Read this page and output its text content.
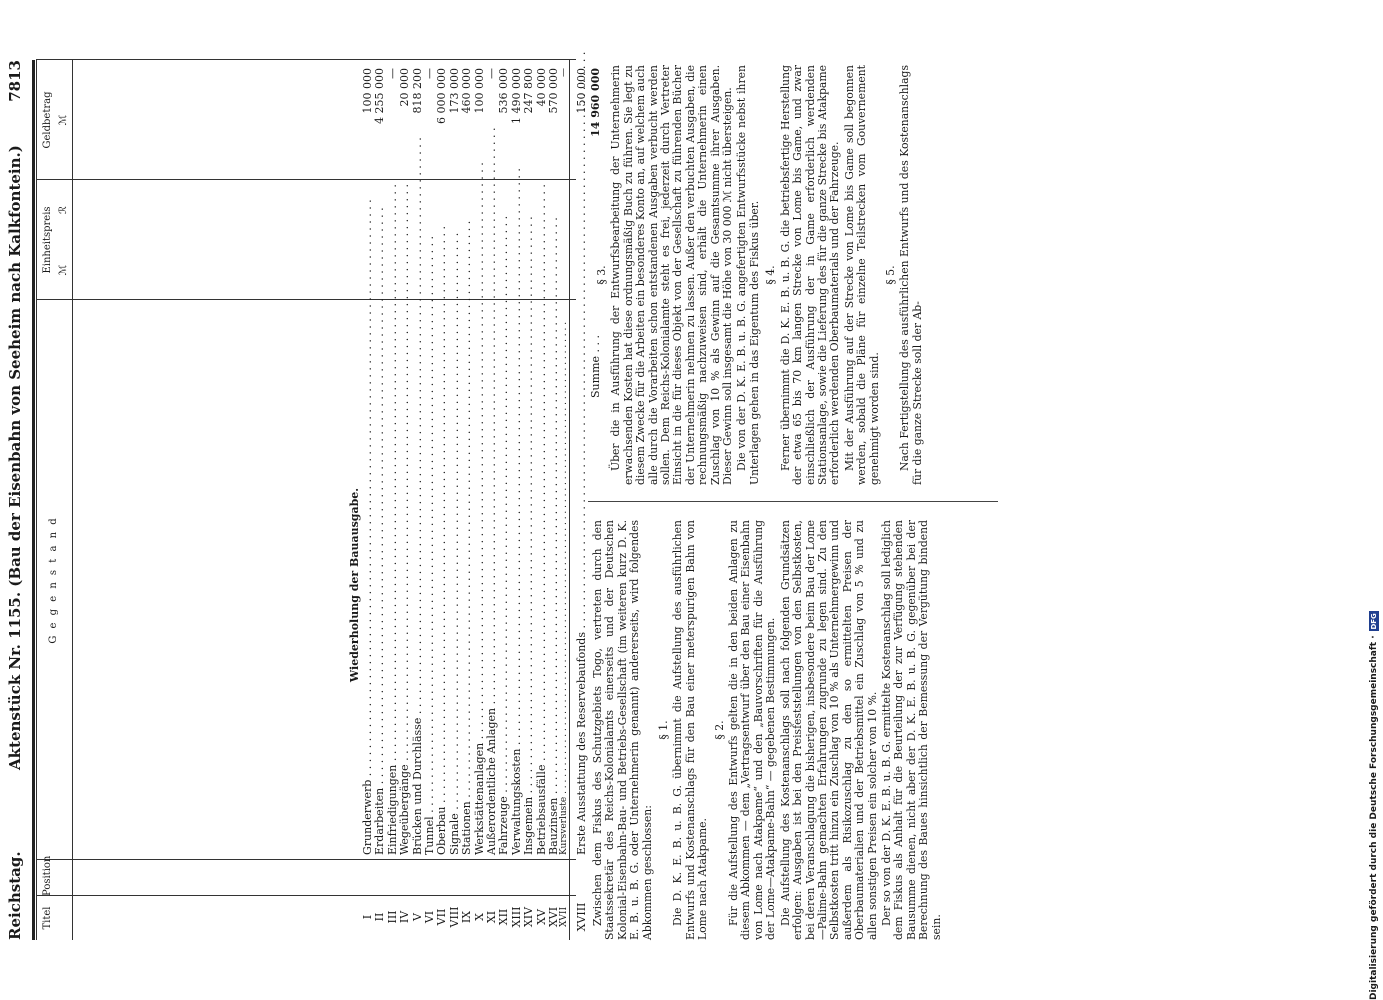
Reichstag.
Aktenstück Nr. 1155. (Bau der Eisenbahn von Seeheim nach Kalkfontein.)
7813
Titel
Position
G e g e n s t a n d
Einheitspreis ℳ
ℛ
Geldbetrag ℳ
Wiederholung der Bauausgabe.
I
Grunderwerb . . .
100 000
II
Erdarbeiten . . .
4 255 000
III
Einfriedigungen . . .
—
IV
Wegeübergänge . . .
20 000
V
Brücken und Durchlässe . . .
818 200
VI
Tunnel . . .
—
VII
Oberbau . . .
6 000 000
VIII
Signale . . .
173 000
IX
Stationen . . .
460 000
X
Werkstättenanlagen . . .
100 000
XI
Außerordentliche Anlagen . . .
—
XII
Fahrzeuge . . .
536 000
XIII
Verwaltungskosten . . .
1 490 000
XIV
Insgemein . . .
247 800
XV
Betriebsausfälle . . .
40 000
XVI
Bauzinsen . . .
570 000
XVII
Kursverluste . . .
—
XVIII
Erste Ausstattung des Reservebaufonds . . .
150 000
Summe . . .
14 960 000

Zwischen dem Fiskus des Schutzgebiets Togo, vertreten durch den Staatssekretär des Reichs-Kolonialamts einerseits und der Deutschen Kolonial-Eisenbahn-Bau- und Betriebs-Gesellschaft (im weiteren kurz D. K. E. B. u. B. G. oder Unternehmerin genannt) andererseits, wird folgendes Abkommen geschlossen:

§ 1. Die D. K. E. B. u. B. G. übernimmt die Aufstellung des ausführlichen Entwurfs und Kostenanschlags für den Bau einer meterspurigen Bahn von Lome nach Atakpame.

§ 2. Für die Aufstellung des Entwurfs gelten die in den beiden Anlagen zu diesem Abkommen — dem „Vertragsentwurf über den Bau einer Eisenbahn von Lome nach Atakpame“ und den „Bauvorschriften für die Ausführung der Lome—Atakpame-Bahn“ — gegebenen Bestimmungen. Die Aufstellung des Kostenanschlags soll nach folgenden Grundsätzen erfolgen: Ausgaben ist bei den Preisfeststellungen von den Selbstkosten, bei deren Veranschlagung die bisherigen, insbesondere beim Bau der Lome—Palime-Bahn gemachten Erfahrungen zugrunde zu legen sind. Zu den Selbstkosten tritt hinzu ein Zuschlag von 10 % als Unternehmergewinn und außerdem als Risikozuschlag zu den so ermittelten Preisen der Oberbaumaterialien und der Betriebsmittel ein Zuschlag von 5 % und zu allen sonstigen Preisen ein solcher von 10 %. Der so von der D. K. E. B. u. B. G. ermittelte Kostenanschlag soll lediglich dem Fiskus als Anhalt für die Beurteilung der zur Verfügung stehenden Bausumme dienen, nicht aber der D. K. E. B. u. B. G. gegenüber bei der Berechnung des Baues hinsichtlich der Bemessung der Vergütung bindend sein.

§ 3. Über die in Ausführung der Entwurfsbearbeitung der Unternehmerin erwachsenden Kosten hat diese ordnungsmäßig Buch zu führen. Sie legt zu diesem Zwecke für die Arbeiten ein besonderes Konto an, auf welchem auch alle durch die Vorarbeiten schon entstandenen Ausgaben verbucht werden sollen. Dem Reichs-Kolonialamte steht es frei, jederzeit durch Vertreter Einsicht in die für dieses Objekt von der Gesellschaft zu führenden Bücher der Unternehmerin nehmen zu lassen. Außer den verbuchten Ausgaben, die rechnungsmäßig nachzuweisen sind, erhält die Unternehmerin einen Zuschlag von 10 % als Gewinn auf die Gesamtsumme ihrer Ausgaben. Dieser Gewinn soll insgesamt die Höhe von 30 000 ℳ nicht übersteigen. Die von der D. K. E. B. u. B. G. angefertigten Entwurfsstücke nebst ihren Unterlagen gehen in das Eigentum des Fiskus über. § 4. Ferner übernimmt die D. K. E. B. u. B. G. die betriebsfertige Herstellung der etwa 65 bis 70 km langen Strecke von Lome bis Game, und zwar einschließlich der Ausführung der in Game erforderlich werdenden Stationsanlage, sowie die Lieferung des für die ganze Strecke bis Atakpame erforderlich werdenden Oberbaumaterials und der Fahrzeuge. Mit der Ausführung auf der Strecke von Lome bis Game soll begonnen werden, sobald die Pläne für einzelne Teilstrecken vom Gouvernement genehmigt worden sind.

§ 5. Nach Fertigstellung des ausführlichen Entwurfs und des Kostenanschlags für die ganze Strecke soll der Ab-

Digitalisierung gefördert durch die Deutsche Forschungsgemeinschaft ·DFG
